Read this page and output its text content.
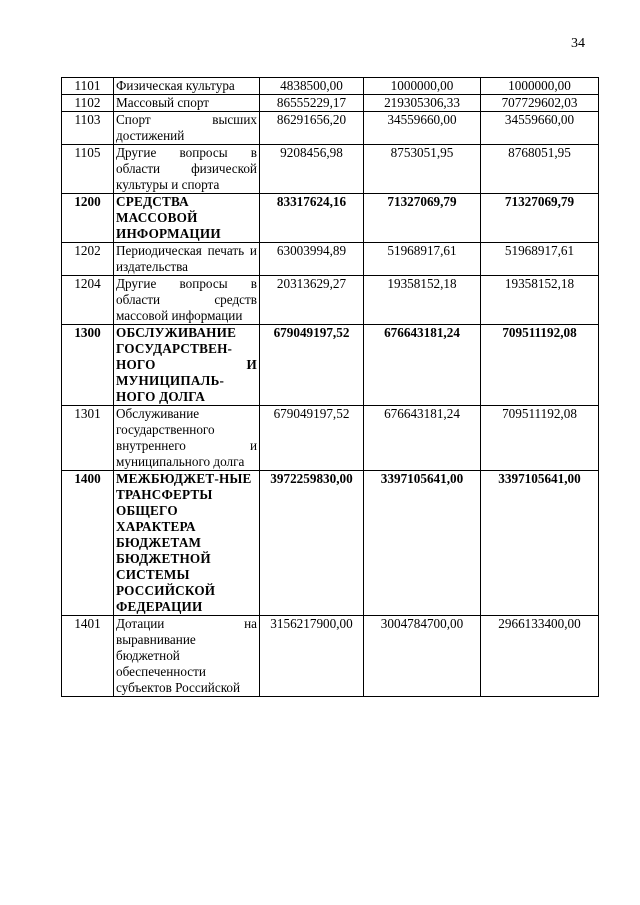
34
1101	Физическая культура	4838500,00	1000000,00	1000000,00
1102	Массовый спорт	86555229,17	219305306,33	707729602,03
1103	Спорт высших достижений	86291656,20	34559660,00	34559660,00
1105	Другие вопросы в области физической культуры и спорта	9208456,98	8753051,95	8768051,95
1200	СРЕДСТВА МАССОВОЙ ИНФОРМАЦИИ	83317624,16	71327069,79	71327069,79
1202	Периодическая печать и издательства	63003994,89	51968917,61	51968917,61
1204	Другие вопросы в области средств массовой информации	20313629,27	19358152,18	19358152,18
1300	ОБСЛУЖИВАНИЕ ГОСУДАРСТВЕН-НОГО И МУНИЦИПАЛЬ-НОГО ДОЛГА	679049197,52	676643181,24	709511192,08
1301	Обслуживание государственного внутреннего и муниципального долга	679049197,52	676643181,24	709511192,08
1400	МЕЖБЮДЖЕТ-НЫЕ ТРАНСФЕРТЫ ОБЩЕГО ХАРАКТЕРА БЮДЖЕТАМ БЮДЖЕТНОЙ СИСТЕМЫ РОССИЙСКОЙ ФЕДЕРАЦИИ	3972259830,00	3397105641,00	3397105641,00
1401	Дотации на выравнивание бюджетной обеспеченности субъектов Российской	3156217900,00	3004784700,00	2966133400,00
